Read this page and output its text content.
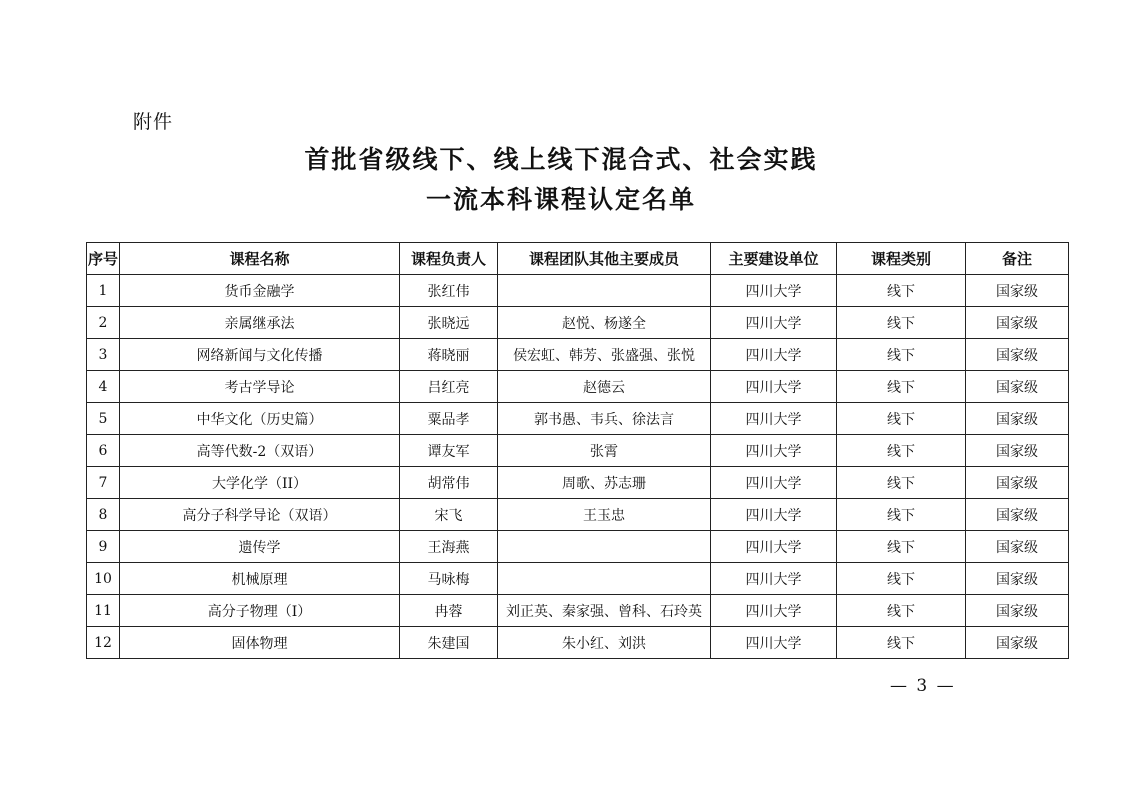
附件
首批省级线下、线上线下混合式、社会实践
一流本科课程认定名单
序号	课程名称	课程负责人	课程团队其他主要成员	主要建设单位	课程类别	备注
1	货币金融学	张红伟		四川大学	线下	国家级
2	亲属继承法	张晓远	赵悦、杨遂全	四川大学	线下	国家级
3	网络新闻与文化传播	蒋晓丽	侯宏虹、韩芳、张盛强、张悦	四川大学	线下	国家级
4	考古学导论	吕红亮	赵德云	四川大学	线下	国家级
5	中华文化（历史篇）	粟品孝	郭书愚、韦兵、徐法言	四川大学	线下	国家级
6	高等代数-2（双语）	谭友军	张霄	四川大学	线下	国家级
7	大学化学（II）	胡常伟	周歌、苏志珊	四川大学	线下	国家级
8	高分子科学导论（双语）	宋飞	王玉忠	四川大学	线下	国家级
9	遗传学	王海燕		四川大学	线下	国家级
10	机械原理	马咏梅		四川大学	线下	国家级
11	高分子物理（I）	冉蓉	刘正英、秦家强、曾科、石玲英	四川大学	线下	国家级
12	固体物理	朱建国	朱小红、刘洪	四川大学	线下	国家级
— 3 —
